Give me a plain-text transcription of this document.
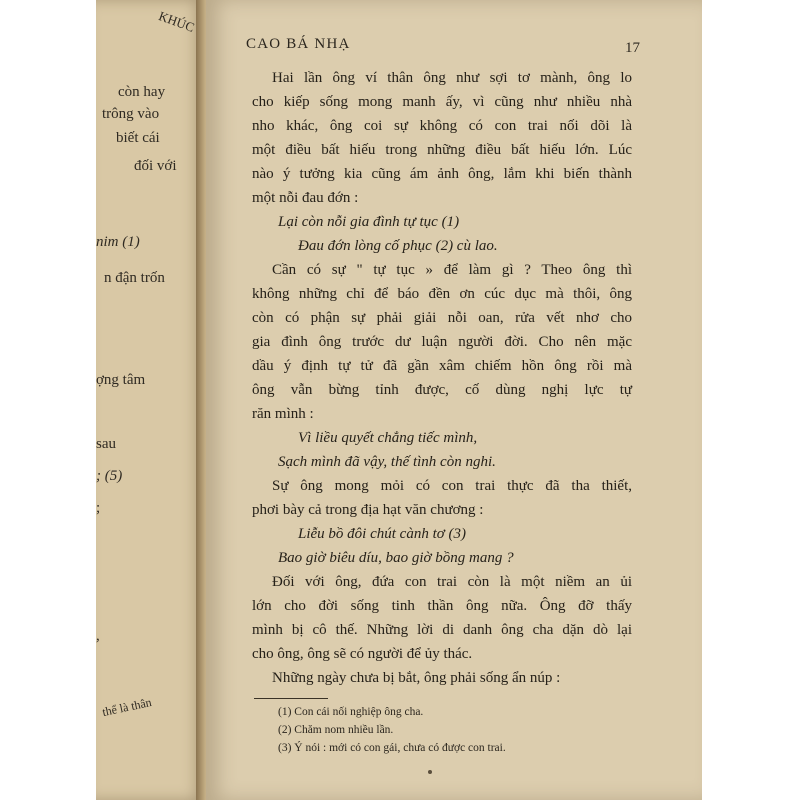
KHÚC
còn hay
trông vào
biết cái
đối với
nim (1)
n đận trốn
ợng tâm
sau
; (5)
;
,
thể là thân
CAO BÁ NHẠ	17
Hai lần ông ví thân ông như sợi tơ mành, ông lo
cho kiếp sống mong manh ấy, vì cũng như nhiều nhà
nho khác, ông coi sự không có con trai nối dõi là
một điều bất hiếu trong những điều bất hiếu lớn. Lúc
nào ý tưởng kia cũng ám ảnh ông, lắm khi biến thành
một nỗi đau đớn :
Lại còn nỗi gia đình tự tục (1)
Đau đớn lòng cố phục (2) cù lao.
Cần có sự " tự tục » để làm gì ? Theo ông thì
không những chỉ để báo đền ơn cúc dục mà thôi, ông
còn có phận sự phải giải nỗi oan, rửa vết nhơ cho
gia đình ông trước dư luận người đời. Cho nên mặc
dầu ý định tự tử đã gần xâm chiếm hồn ông rồi mà
ông vẫn bừng tỉnh được, cố dùng nghị lực tự
răn mình :
Vì liều quyết chẳng tiếc mình,
Sạch mình đã vậy, thế tình còn nghi.
Sự ông mong mỏi có con trai thực đã tha thiết,
phơi bày cả trong địa hạt văn chương :
Liễu bồ đôi chút cành tơ (3)
Bao giờ biêu díu, bao giờ bồng mang ?
Đối với ông, đứa con trai còn là một niềm an ủi
lớn cho đời sống tinh thần ông nữa. Ông đỡ thấy
mình bị cô thế. Những lời di danh ông cha dặn dò lại
cho ông, ông sẽ có người để ủy thác.
Những ngày chưa bị bắt, ông phải sống ẩn núp :
(1) Con cái nối nghiệp ông cha.
(2) Chăm nom nhiều lần.
(3) Ý nói : mới có con gái, chưa có được con trai.
